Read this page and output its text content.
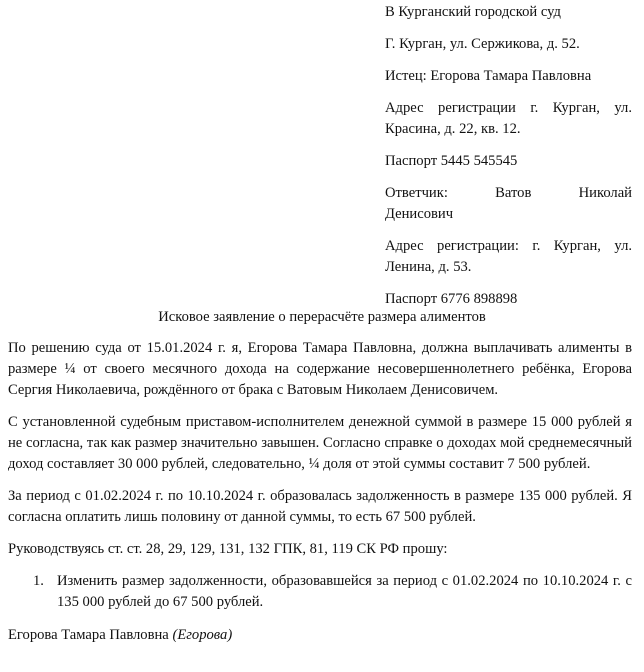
В Курганский городской суд

Г. Курган, ул. Сержикова, д. 52.

Истец: Егорова Тамара Павловна

Адрес регистрации г. Курган, ул.
Красина, д. 22, кв. 12.

Паспорт 5445 545545

Ответчик: Ватов Николай
Денисович

Адрес регистрации: г. Курган, ул.
Ленина, д. 53.

Паспорт 6776 898898

Исковое заявление о перерасчёте размера алиментов

По решению суда от 15.01.2024 г. я, Егорова Тамара Павловна, должна выплачивать алименты в размере ¼ от своего месячного дохода на содержание несовершеннолетнего ребёнка, Егорова Сергия Николаевича, рождённого от брака с Ватовым Николаем Денисовичем.

С установленной судебным приставом-исполнителем денежной суммой в размере 15 000 рублей я не согласна, так как размер значительно завышен. Согласно справке о доходах мой среднемесячный доход составляет 30 000 рублей, следовательно, ¼ доля от этой суммы составит 7 500 рублей.

За период с 01.02.2024 г. по 10.10.2024 г. образовалась задолженность в размере 135 000 рублей. Я согласна оплатить лишь половину от данной суммы, то есть 67 500 рублей.

Руководствуясь ст. ст. 28, 29, 129, 131, 132 ГПК, 81, 119 СК РФ прошу:

1. Изменить размер задолженности, образовавшейся за период с 01.02.2024 по 10.10.2024 г. с 135 000 рублей до 67 500 рублей.

Егорова Тамара Павловна (Егорова)
